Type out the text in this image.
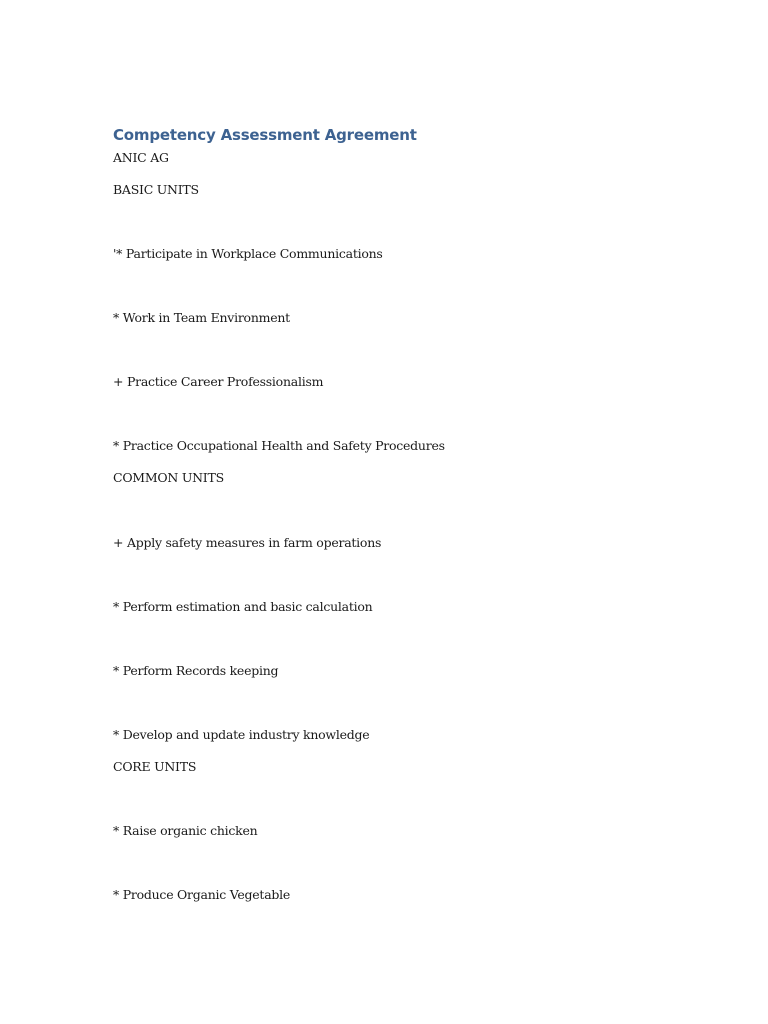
Competency Assessment Agreement

ANIC AG

BASIC UNITS

'* Participate in Workplace Communications

* Work in Team Environment

+ Practice Career Professionalism

* Practice Occupational Health and Safety Procedures

COMMON UNITS

+ Apply safety measures in farm operations

* Perform estimation and basic calculation

* Perform Records keeping

* Develop and update industry knowledge

CORE UNITS

* Raise organic chicken

* Produce Organic Vegetable
